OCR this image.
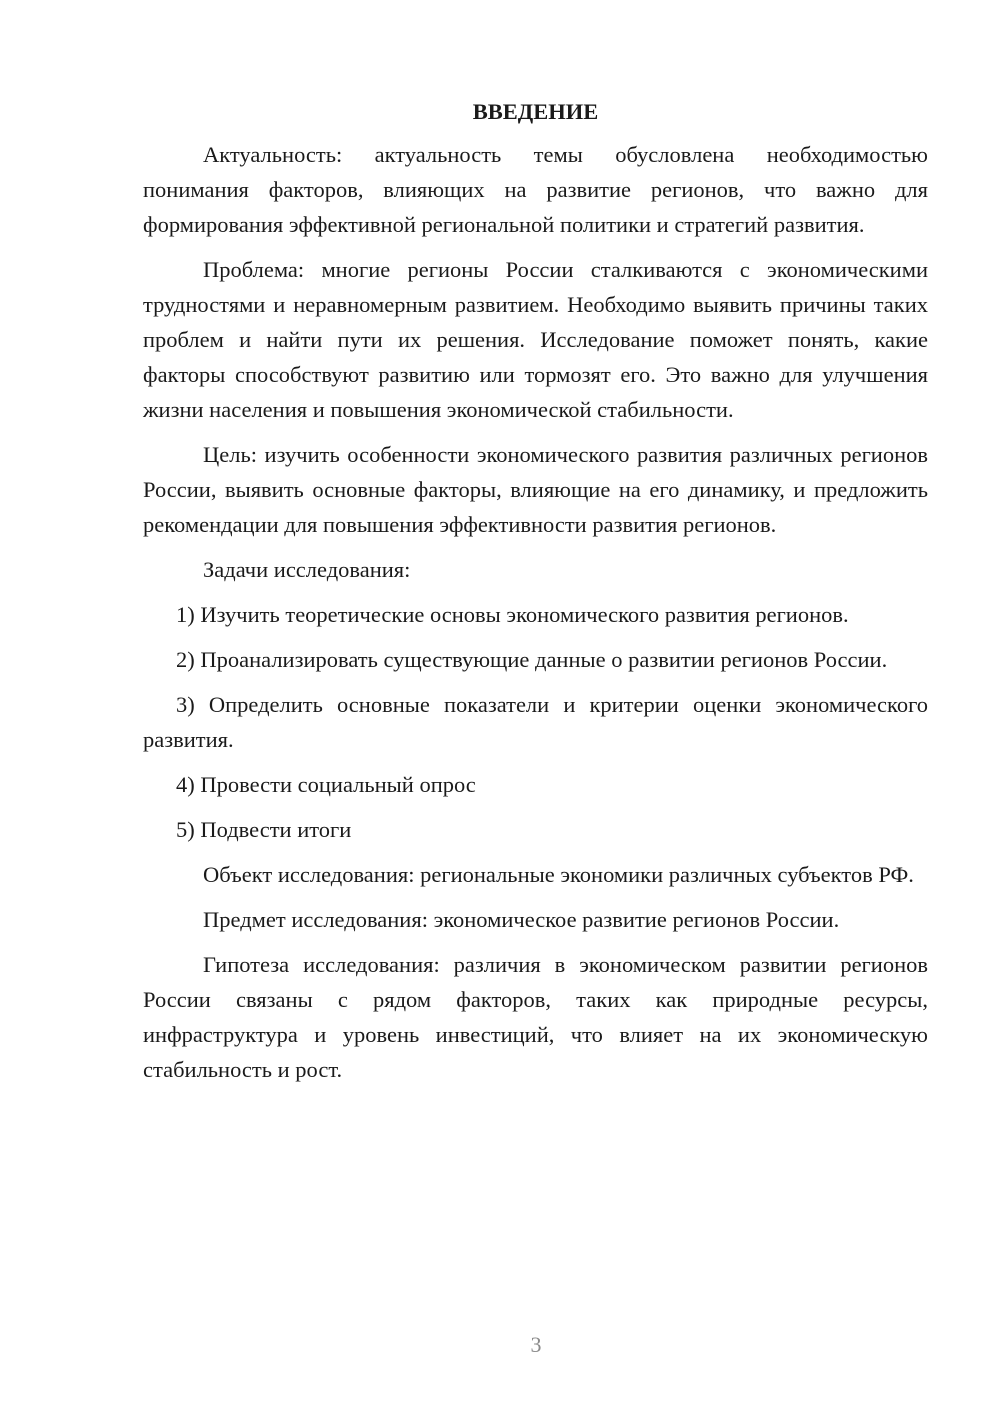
ВВЕДЕНИЕ

Актуальность: актуальность темы обусловлена необходимостью понимания факторов, влияющих на развитие регионов, что важно для формирования эффективной региональной политики и стратегий развития.

Проблема: многие регионы России сталкиваются с экономическими трудностями и неравномерным развитием. Необходимо выявить причины таких проблем и найти пути их решения. Исследование поможет понять, какие факторы способствуют развитию или тормозят его. Это важно для улучшения жизни населения и повышения экономической стабильности.

Цель: изучить особенности экономического развития различных регионов России, выявить основные факторы, влияющие на его динамику, и предложить рекомендации для повышения эффективности развития регионов.

Задачи исследования:

1) Изучить теоретические основы экономического развития регионов.

2) Проанализировать существующие данные о развитии регионов России.

3) Определить основные показатели и критерии оценки экономического развития.

4) Провести социальный опрос

5) Подвести итоги

Объект исследования: региональные экономики различных субъектов РФ.

Предмет исследования: экономическое развитие регионов России.

Гипотеза исследования: различия в экономическом развитии регионов России связаны с рядом факторов, таких как природные ресурсы, инфраструктура и уровень инвестиций, что влияет на их экономическую стабильность и рост.

3
